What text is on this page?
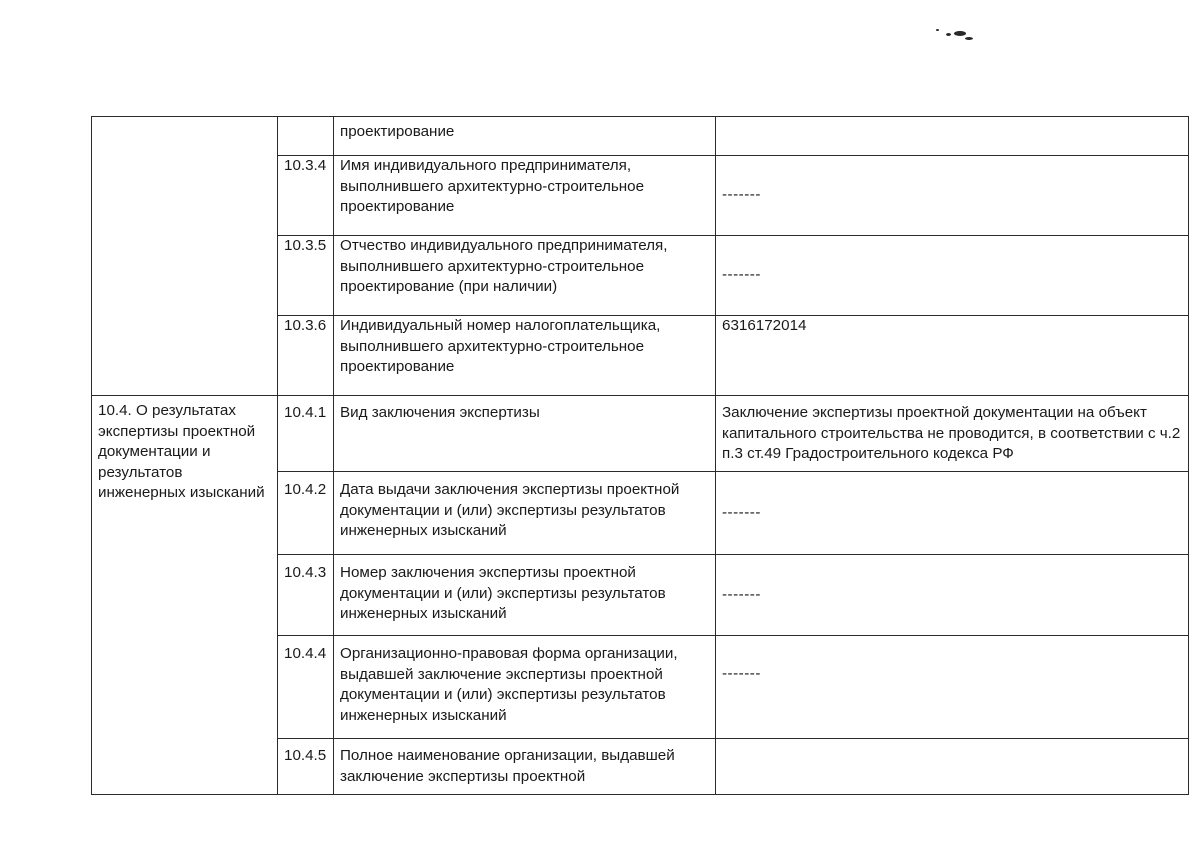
		проектирование	
	10.3.4	Имя индивидуального предпринимателя, выполнившего архитектурно-строительное проектирование	-------
	10.3.5	Отчество индивидуального предпринимателя, выполнившего архитектурно-строительное проектирование (при наличии)	-------
	10.3.6	Индивидуальный номер налогоплательщика, выполнившего архитектурно-строительное проектирование	6316172014
10.4. О результатах экспертизы проектной документации и результатов инженерных изысканий	10.4.1	Вид заключения экспертизы	Заключение экспертизы проектной документации на объект капитального строительства не проводится, в соответствии с ч.2 п.3 ст.49 Градостроительного кодекса РФ
	10.4.2	Дата выдачи заключения экспертизы проектной документации и (или) экспертизы результатов инженерных изысканий	-------
	10.4.3	Номер заключения экспертизы проектной документации и (или) экспертизы результатов инженерных изысканий	-------
	10.4.4	Организационно-правовая форма организации, выдавшей заключение экспертизы проектной документации и (или) экспертизы результатов инженерных изысканий	-------
	10.4.5	Полное наименование организации, выдавшей заключение экспертизы проектной	
